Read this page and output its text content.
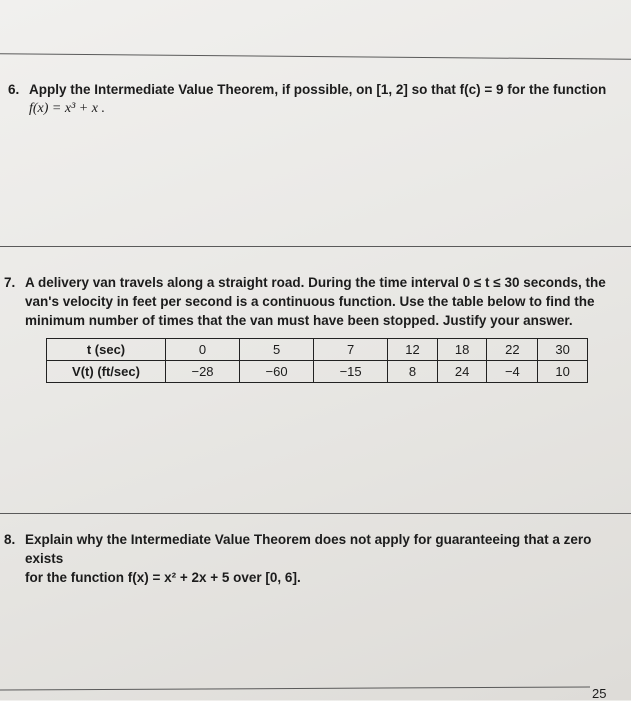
6. Apply the Intermediate Value Theorem, if possible, on [1, 2] so that f(c) = 9 for the function
f(x) = x³ + x .
7. A delivery van travels along a straight road. During the time interval 0 ≤ t ≤ 30 seconds, the
van's velocity in feet per second is a continuous function. Use the table below to find the
minimum number of times that the van must have been stopped. Justify your answer.
t (sec)	0	5	7	12	18	22	30
V(t) (ft/sec)	−28	−60	−15	8	24	−4	10
8. Explain why the Intermediate Value Theorem does not apply for guaranteeing that a zero exists
for the function f(x) = x² + 2x + 5 over [0, 6].
25
